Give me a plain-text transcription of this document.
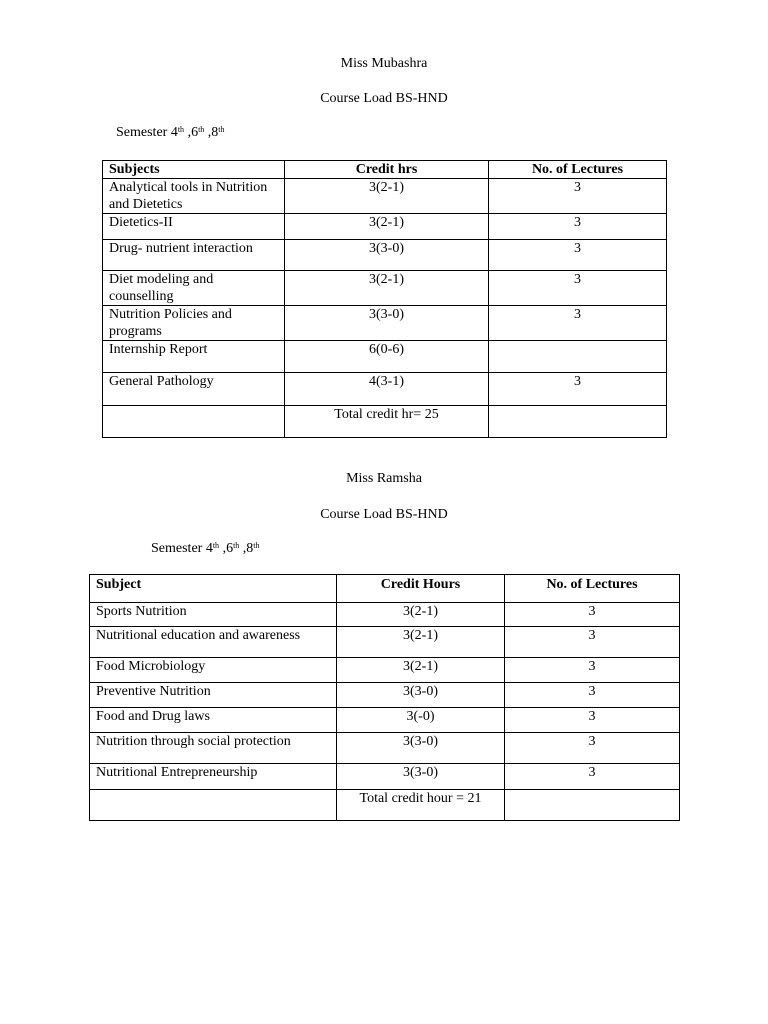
Miss Mubashra
Course Load BS-HND
Semester 4th ,6th ,8th
Subjects	Credit hrs	No. of Lectures
Analytical tools in Nutrition and Dietetics	3(2-1)	3
Dietetics-II	3(2-1)	3
Drug- nutrient interaction	3(3-0)	3
Diet modeling and counselling	3(2-1)	3
Nutrition Policies and programs	3(3-0)	3
Internship Report	6(0-6)	
General Pathology	4(3-1)	3
	Total credit hr= 25	
Miss Ramsha
Course Load BS-HND
Semester 4th ,6th ,8th
Subject	Credit Hours	No. of Lectures
Sports Nutrition	3(2-1)	3
Nutritional education and awareness	3(2-1)	3
Food Microbiology	3(2-1)	3
Preventive Nutrition	3(3-0)	3
Food and Drug laws	3(-0)	3
Nutrition through social protection	3(3-0)	3
Nutritional Entrepreneurship	3(3-0)	3
	Total credit hour = 21	
